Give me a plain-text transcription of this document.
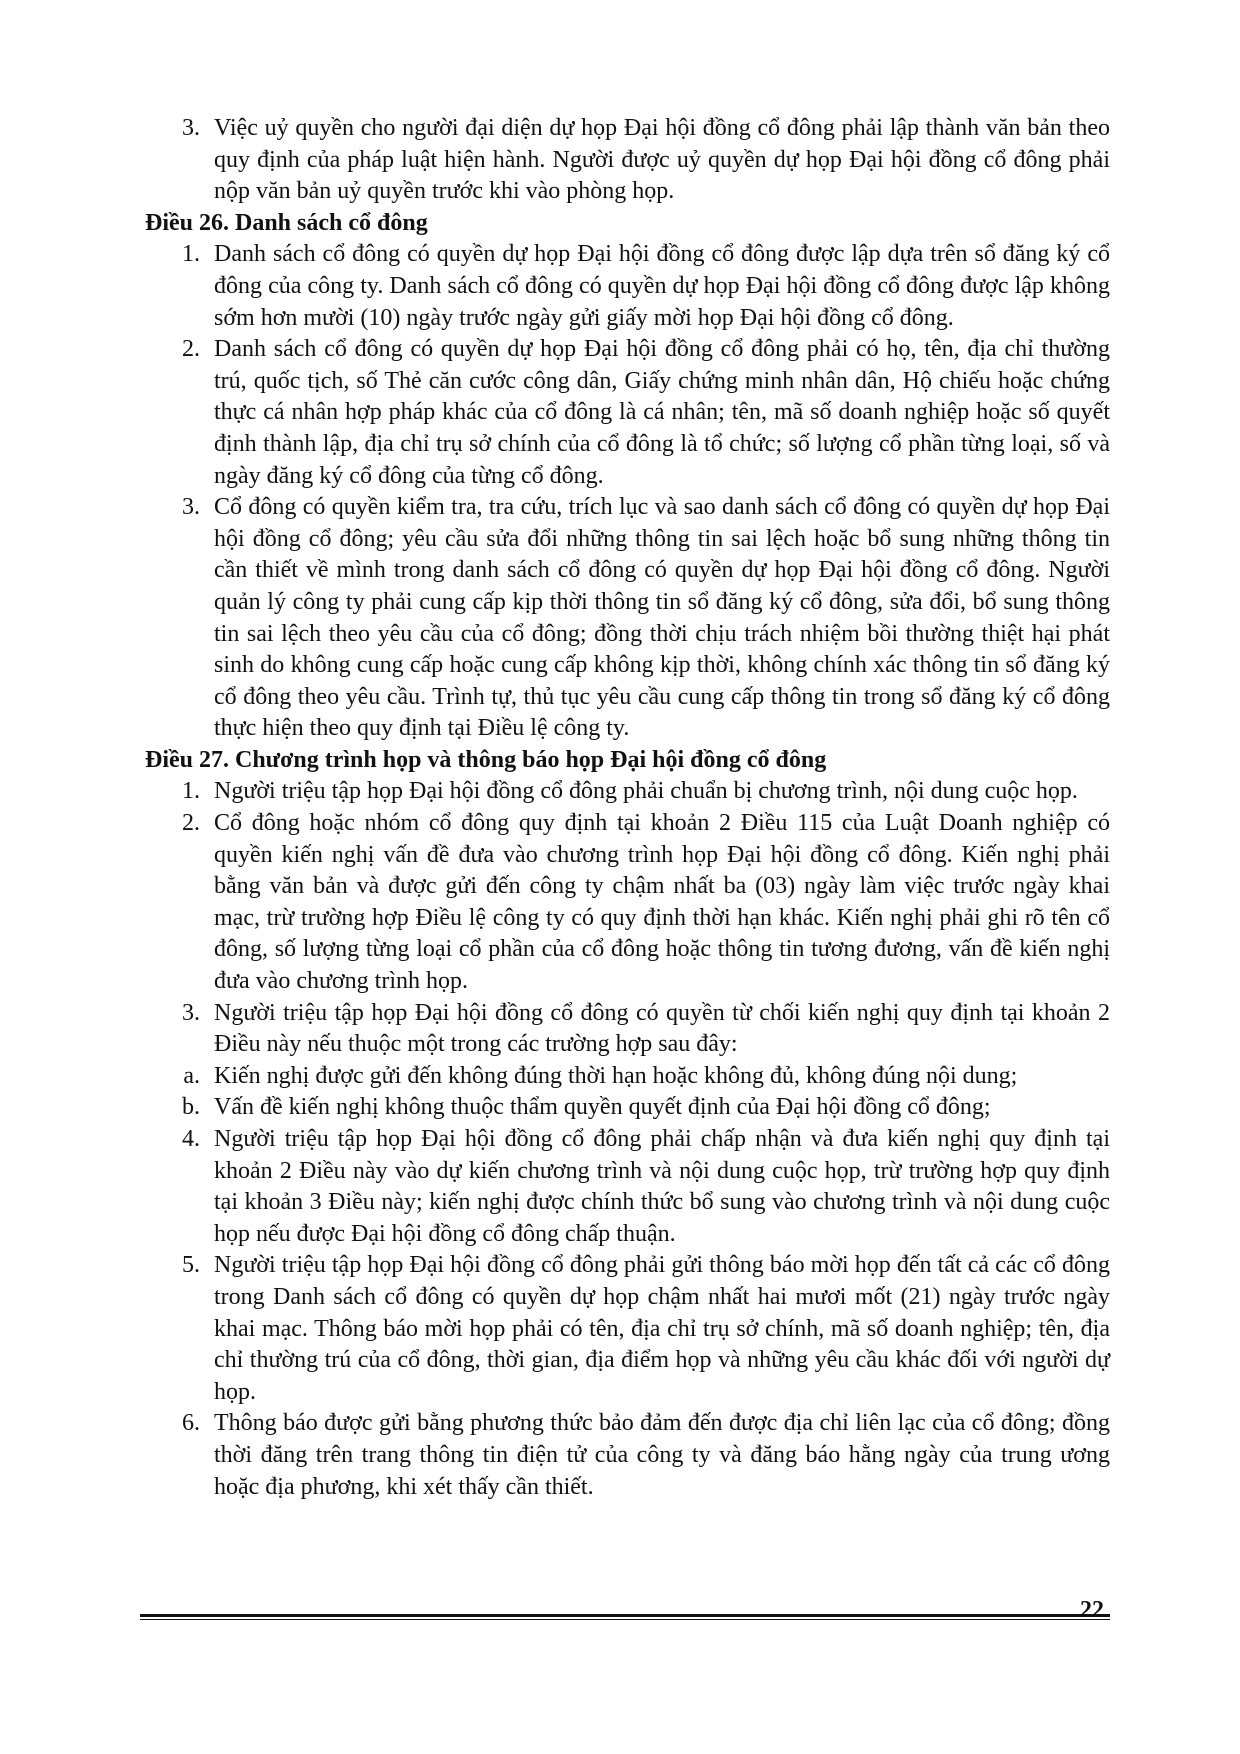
3. Việc uỷ quyền cho người đại diện dự họp Đại hội đồng cổ đông phải lập thành văn bản theo quy định của pháp luật hiện hành. Người được uỷ quyền dự họp Đại hội đồng cổ đông phải nộp văn bản uỷ quyền trước khi vào phòng họp.

Điều 26. Danh sách cổ đông

1. Danh sách cổ đông có quyền dự họp Đại hội đồng cổ đông được lập dựa trên sổ đăng ký cổ đông của công ty. Danh sách cổ đông có quyền dự họp Đại hội đồng cổ đông được lập không sớm hơn mười (10) ngày trước ngày gửi giấy mời họp Đại hội đồng cổ đông.
2. Danh sách cổ đông có quyền dự họp Đại hội đồng cổ đông phải có họ, tên, địa chỉ thường trú, quốc tịch, số Thẻ căn cước công dân, Giấy chứng minh nhân dân, Hộ chiếu hoặc chứng thực cá nhân hợp pháp khác của cổ đông là cá nhân; tên, mã số doanh nghiệp hoặc số quyết định thành lập, địa chỉ trụ sở chính của cổ đông là tổ chức; số lượng cổ phần từng loại, số và ngày đăng ký cổ đông của từng cổ đông.
3. Cổ đông có quyền kiểm tra, tra cứu, trích lục và sao danh sách cổ đông có quyền dự họp Đại hội đồng cổ đông; yêu cầu sửa đổi những thông tin sai lệch hoặc bổ sung những thông tin cần thiết về mình trong danh sách cổ đông có quyền dự họp Đại hội đồng cổ đông. Người quản lý công ty phải cung cấp kịp thời thông tin sổ đăng ký cổ đông, sửa đổi, bổ sung thông tin sai lệch theo yêu cầu của cổ đông; đồng thời chịu trách nhiệm bồi thường thiệt hại phát sinh do không cung cấp hoặc cung cấp không kịp thời, không chính xác thông tin sổ đăng ký cổ đông theo yêu cầu. Trình tự, thủ tục yêu cầu cung cấp thông tin trong sổ đăng ký cổ đông thực hiện theo quy định tại Điều lệ công ty.

Điều 27. Chương trình họp và thông báo họp Đại hội đồng cổ đông

1. Người triệu tập họp Đại hội đồng cổ đông phải chuẩn bị chương trình, nội dung cuộc họp.
2. Cổ đông hoặc nhóm cổ đông quy định tại khoản 2 Điều 115 của Luật Doanh nghiệp có quyền kiến nghị vấn đề đưa vào chương trình họp Đại hội đồng cổ đông. Kiến nghị phải bằng văn bản và được gửi đến công ty chậm nhất ba (03) ngày làm việc trước ngày khai mạc, trừ trường hợp Điều lệ công ty có quy định thời hạn khác. Kiến nghị phải ghi rõ tên cổ đông, số lượng từng loại cổ phần của cổ đông hoặc thông tin tương đương, vấn đề kiến nghị đưa vào chương trình họp.
3. Người triệu tập họp Đại hội đồng cổ đông có quyền từ chối kiến nghị quy định tại khoản 2 Điều này nếu thuộc một trong các trường hợp sau đây:
a. Kiến nghị được gửi đến không đúng thời hạn hoặc không đủ, không đúng nội dung;
b. Vấn đề kiến nghị không thuộc thẩm quyền quyết định của Đại hội đồng cổ đông;
4. Người triệu tập họp Đại hội đồng cổ đông phải chấp nhận và đưa kiến nghị quy định tại khoản 2 Điều này vào dự kiến chương trình và nội dung cuộc họp, trừ trường hợp quy định tại khoản 3 Điều này; kiến nghị được chính thức bổ sung vào chương trình và nội dung cuộc họp nếu được Đại hội đồng cổ đông chấp thuận.
5. Người triệu tập họp Đại hội đồng cổ đông phải gửi thông báo mời họp đến tất cả các cổ đông trong Danh sách cổ đông có quyền dự họp chậm nhất hai mươi mốt (21) ngày trước ngày khai mạc. Thông báo mời họp phải có tên, địa chỉ trụ sở chính, mã số doanh nghiệp; tên, địa chỉ thường trú của cổ đông, thời gian, địa điểm họp và những yêu cầu khác đối với người dự họp.
6. Thông báo được gửi bằng phương thức bảo đảm đến được địa chỉ liên lạc của cổ đông; đồng thời đăng trên trang thông tin điện tử của công ty và đăng báo hằng ngày của trung ương hoặc địa phương, khi xét thấy cần thiết.
22
